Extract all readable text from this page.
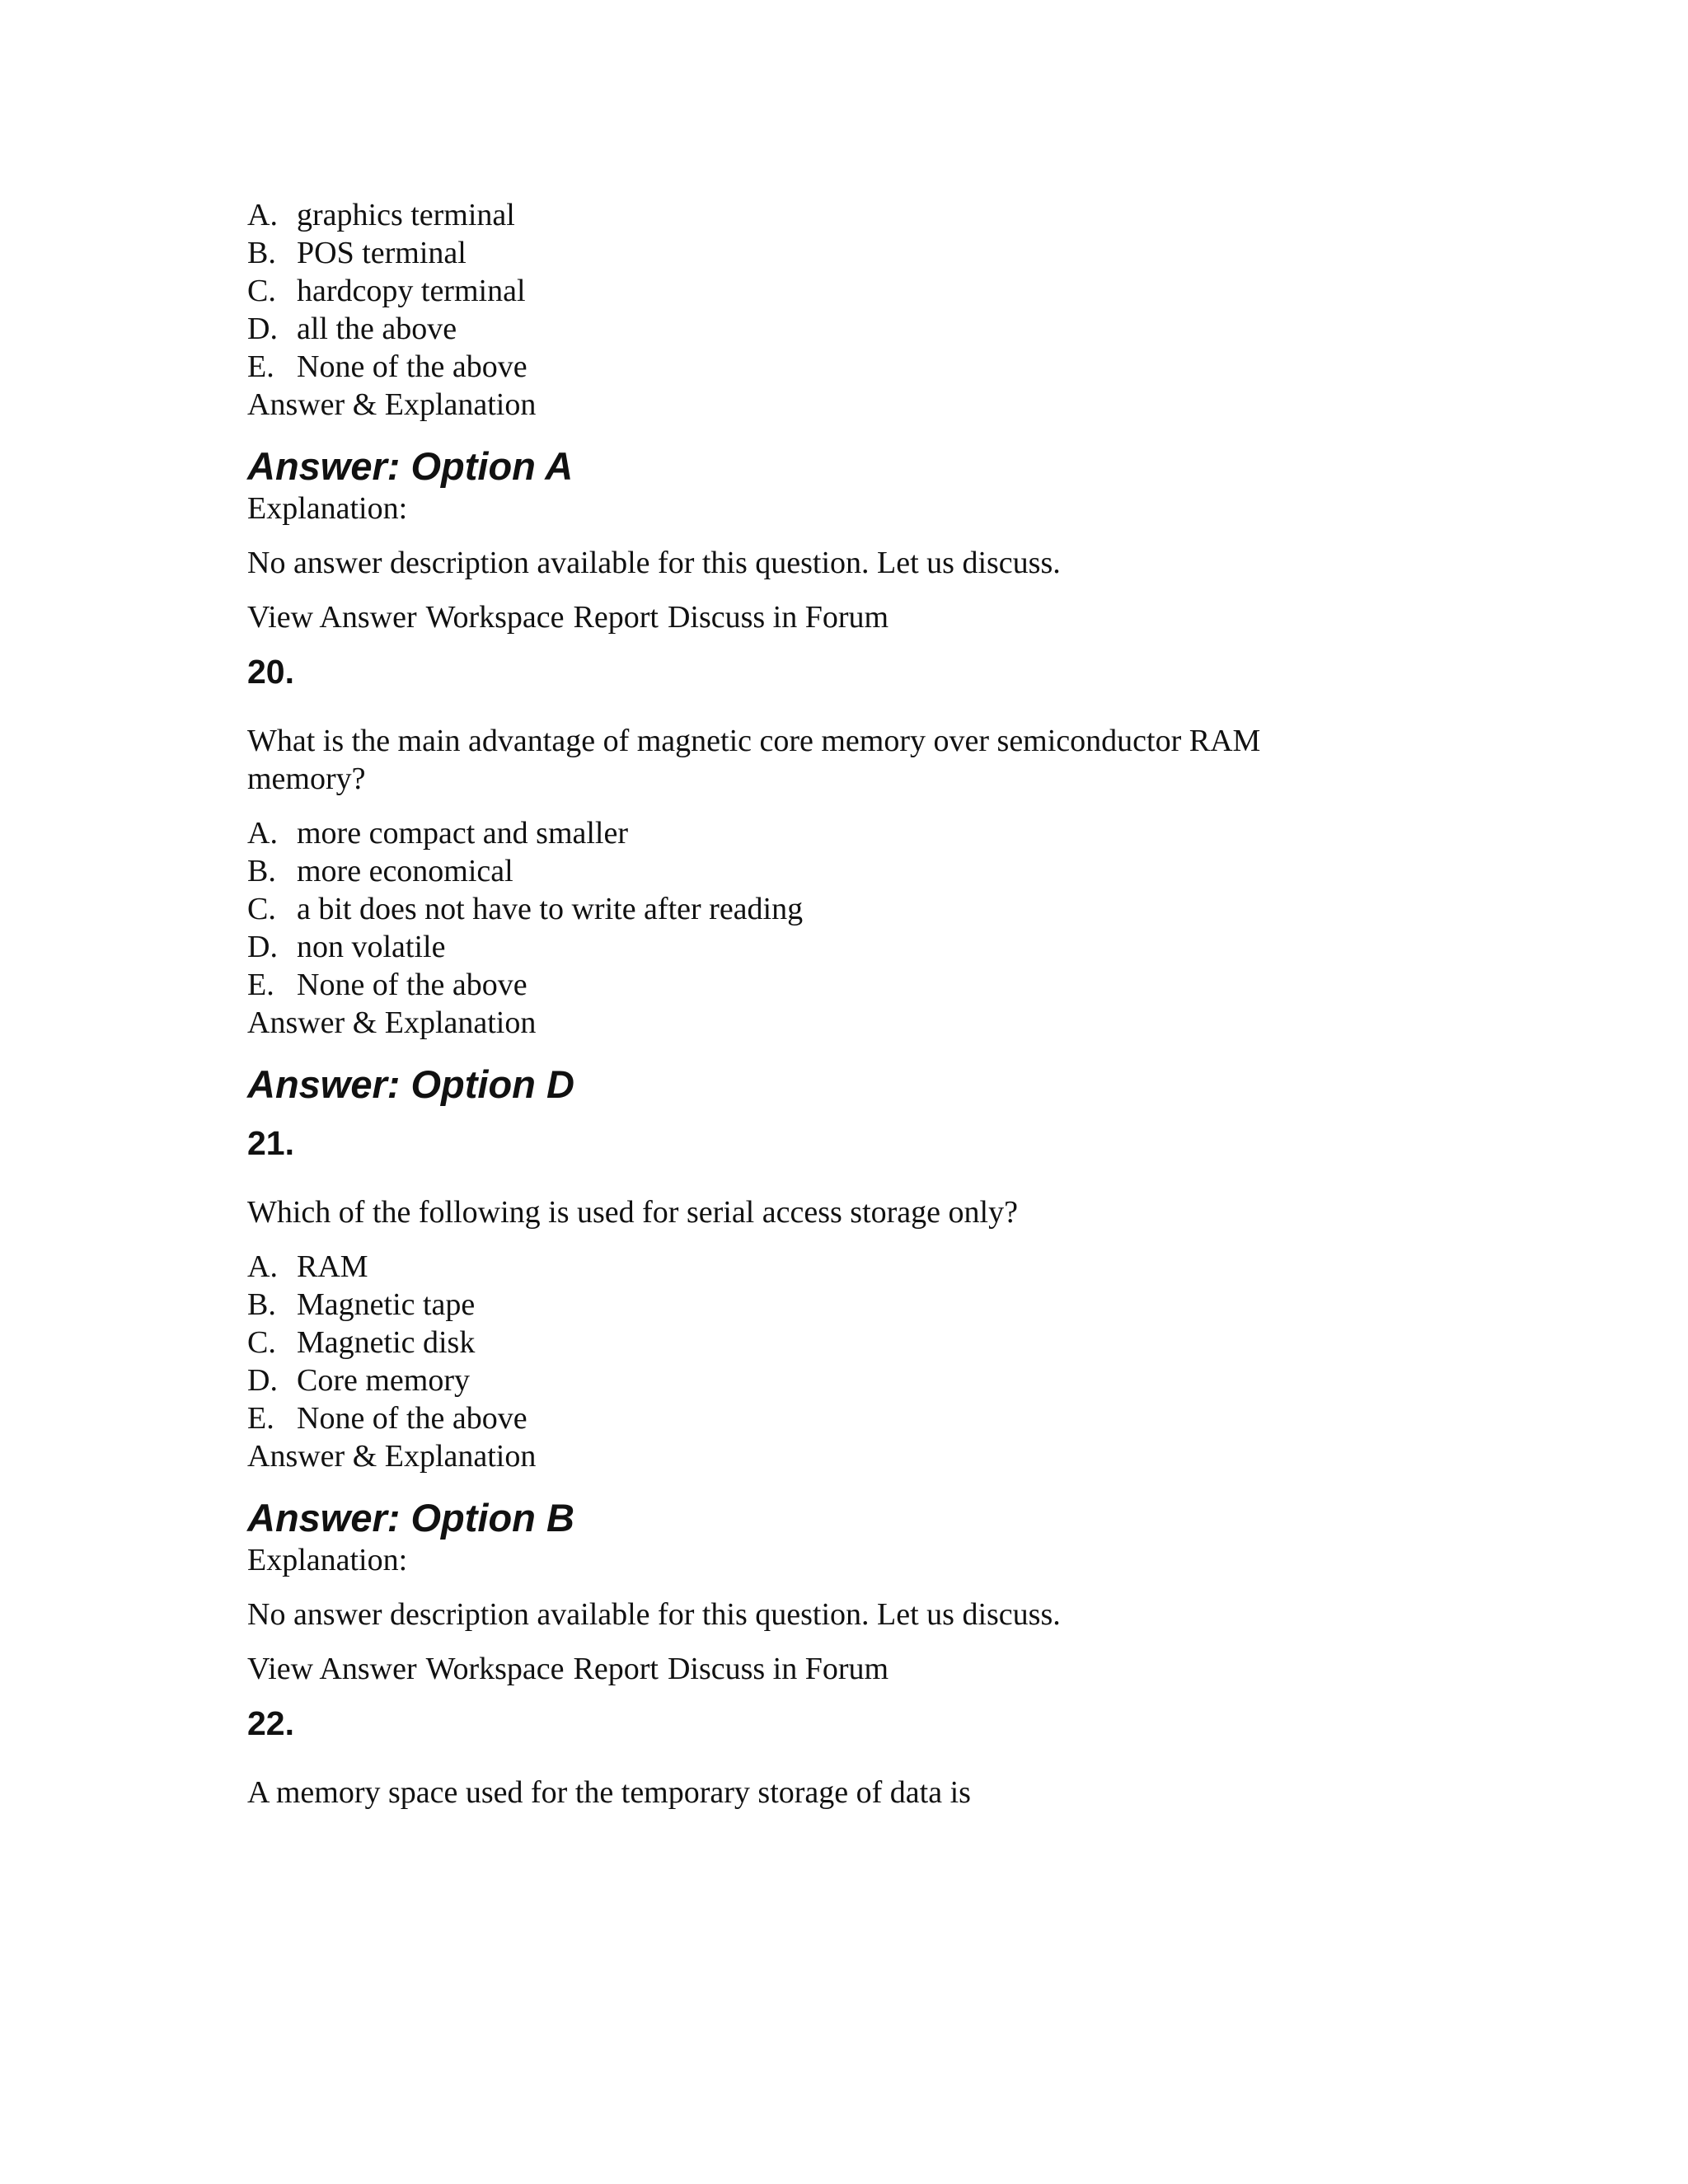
A. graphics terminal
B. POS terminal
C. hardcopy terminal
D. all the above
E. None of the above
Answer & Explanation
Answer: Option A
Explanation:
No answer description available for this question. Let us discuss.
View Answer Workspace Report Discuss in Forum
20.
What is the main advantage of magnetic core memory over semiconductor RAM memory?
A. more compact and smaller
B. more economical
C. a bit does not have to write after reading
D. non volatile
E. None of the above
Answer & Explanation
Answer: Option D
21.
Which of the following is used for serial access storage only?
A. RAM
B. Magnetic tape
C. Magnetic disk
D. Core memory
E. None of the above
Answer & Explanation
Answer: Option B
Explanation:
No answer description available for this question. Let us discuss.
View Answer Workspace Report Discuss in Forum
22.
A memory space used for the temporary storage of data is
